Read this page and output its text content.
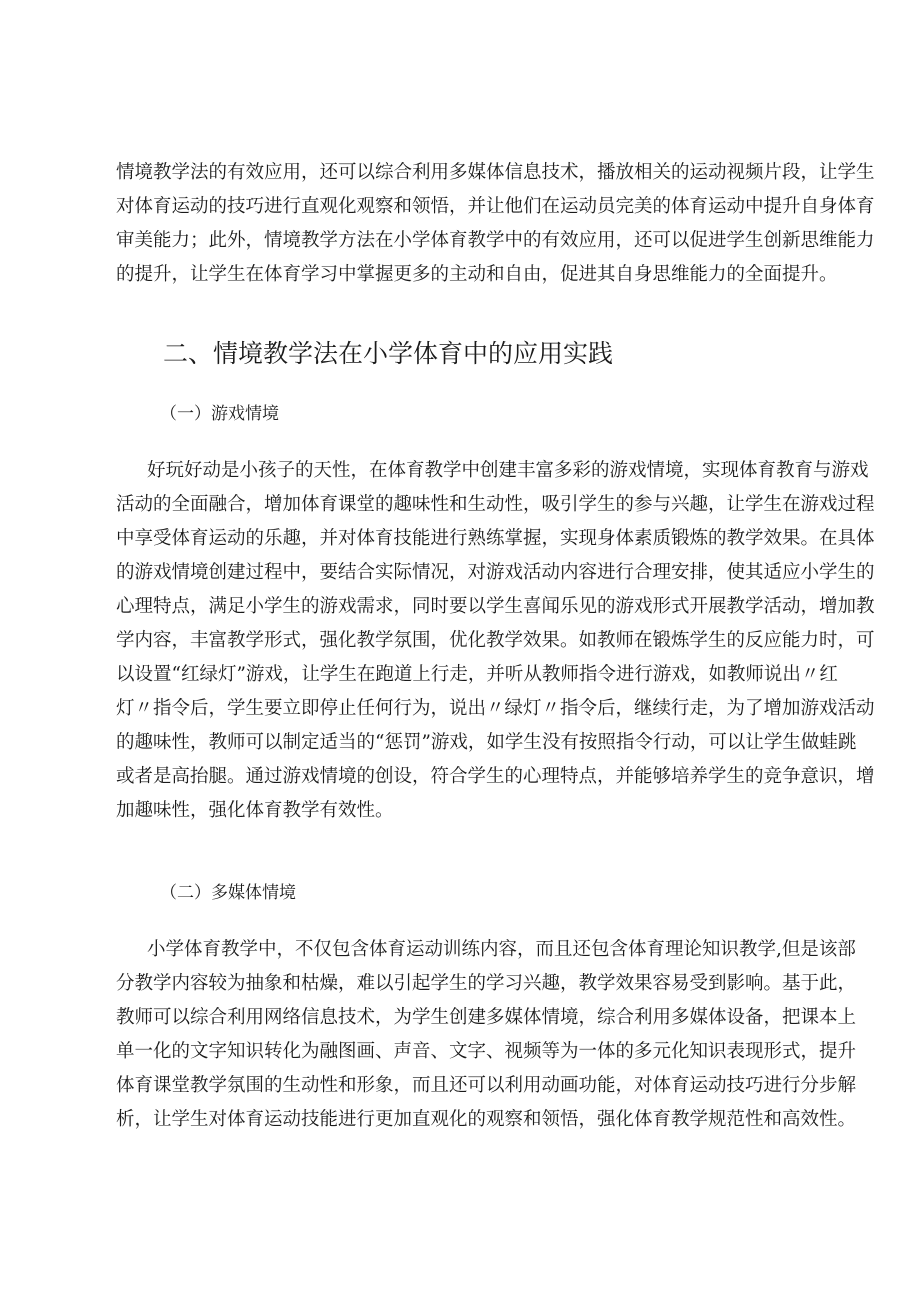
情境教学法的有效应用，还可以综合利用多媒体信息技术，播放相关的运动视频片段，让学生
对体育运动的技巧进行直观化观察和领悟，并让他们在运动员完美的体育运动中提升自身体育
审美能力；此外，情境教学方法在小学体育教学中的有效应用，还可以促进学生创新思维能力
的提升，让学生在体育学习中掌握更多的主动和自由，促进其自身思维能力的全面提升。
二、情境教学法在小学体育中的应用实践
（一）游戏情境
好玩好动是小孩子的天性，在体育教学中创建丰富多彩的游戏情境，实现体育教育与游戏
活动的全面融合，增加体育课堂的趣味性和生动性，吸引学生的参与兴趣，让学生在游戏过程
中享受体育运动的乐趣，并对体育技能进行熟练掌握，实现身体素质锻炼的教学效果。在具体
的游戏情境创建过程中，要结合实际情况，对游戏活动内容进行合理安排，使其适应小学生的
心理特点，满足小学生的游戏需求，同时要以学生喜闻乐见的游戏形式开展教学活动，增加教
学内容，丰富教学形式，强化教学氛围，优化教学效果。如教师在锻炼学生的反应能力时，可
以设置“红绿灯”游戏，让学生在跑道上行走，并听从教师指令进行游戏，如教师说出〃红
灯〃指令后，学生要立即停止任何行为，说出〃绿灯〃指令后，继续行走，为了增加游戏活动
的趣味性，教师可以制定适当的“惩罚”游戏，如学生没有按照指令行动，可以让学生做蛙跳
或者是高抬腿。通过游戏情境的创设，符合学生的心理特点，并能够培养学生的竞争意识，增
加趣味性，强化体育教学有效性。
（二）多媒体情境
小学体育教学中，不仅包含体育运动训练内容，而且还包含体育理论知识教学,但是该部
分教学内容较为抽象和枯燥，难以引起学生的学习兴趣，教学效果容易受到影响。基于此，
教师可以综合利用网络信息技术，为学生创建多媒体情境，综合利用多媒体设备，把课本上
单一化的文字知识转化为融图画、声音、文字、视频等为一体的多元化知识表现形式，提升
体育课堂教学氛围的生动性和形象，而且还可以利用动画功能，对体育运动技巧进行分步解
析，让学生对体育运动技能进行更加直观化的观察和领悟，强化体育教学规范性和高效性。
